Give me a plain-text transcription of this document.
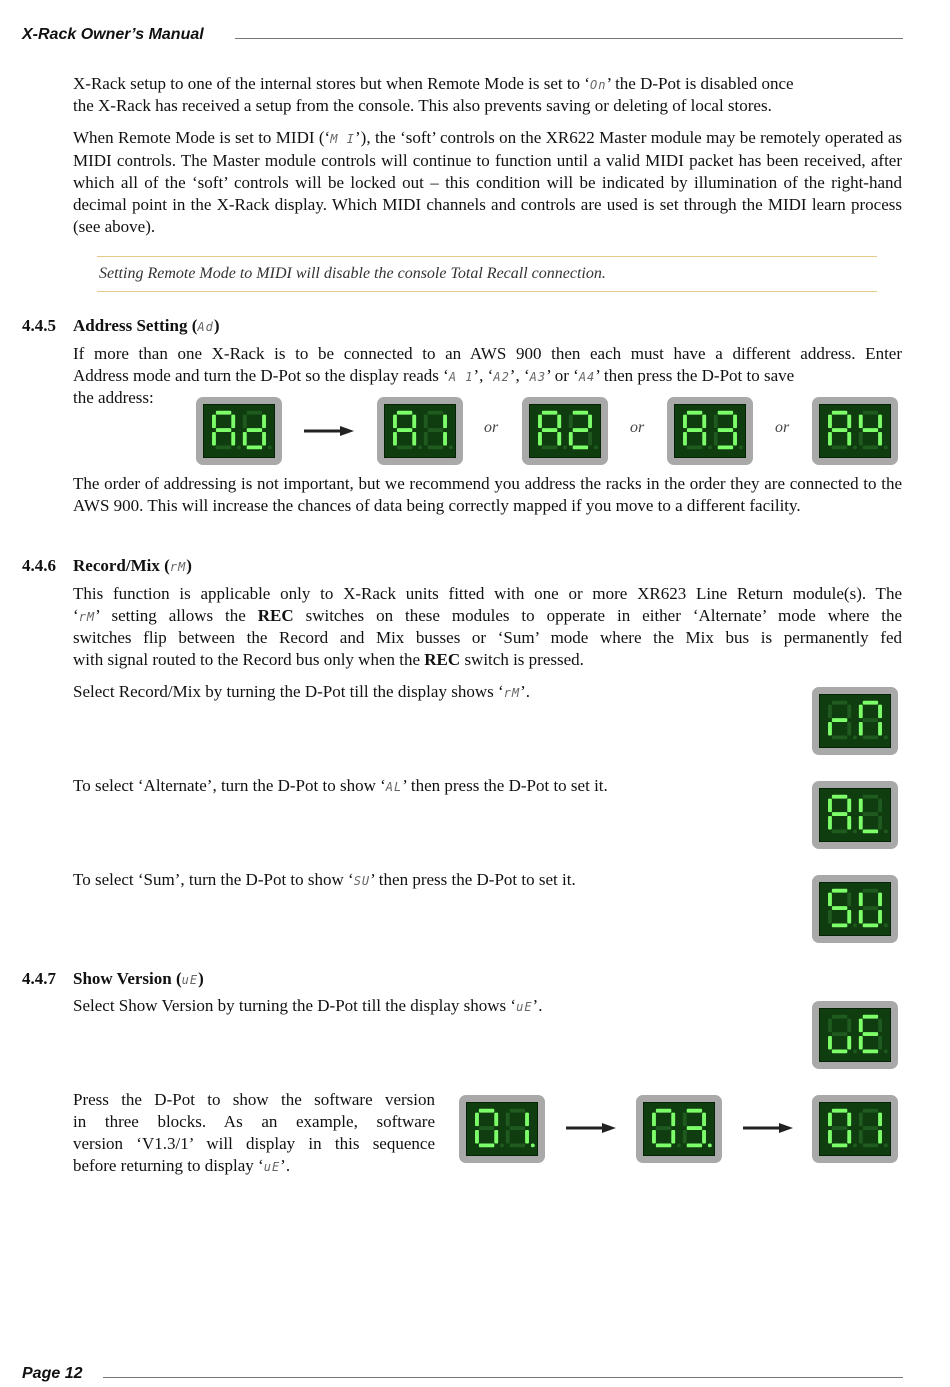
X-Rack Owner’s Manual
X-Rack setup to one of the internal stores but when Remote Mode is set to ‘On’ the D-Pot is disabled once
the X-Rack has received a setup from the console. This also prevents saving or deleting of local stores.
When Remote Mode is set to MIDI (‘M I’), the ‘soft’ controls on the XR622 Master module may be remotely operated as MIDI controls. The Master module controls will continue to function until a valid MIDI packet has been received, after which all of the ‘soft’ controls will be locked out – this condition will be indicated by illumination of the right-hand decimal point in the X-Rack display. Which MIDI channels and controls are used is set through the MIDI learn process (see above).
Setting Remote Mode to MIDI will disable the console Total Recall connection.
4.4.5 Address Setting (Ad)
If more than one X-Rack is to be connected to an AWS 900 then each must have a different address. Enter
Address mode and turn the D-Pot so the display reads ‘A 1’, ‘A2’, ‘A3’ or ‘A4’ then press the D-Pot to save
the address:
or	or	or
The order of addressing is not important, but we recommend you address the racks in the order they are connected to the AWS 900. This will increase the chances of data being correctly mapped if you move to a different facility.
4.4.6 Record/Mix (rM)
This function is applicable only to X-Rack units fitted with one or more XR623 Line Return module(s). The
‘rM’ setting allows the REC switches on these modules to opperate in either ‘Alternate’ mode where the
switches flip between the Record and Mix busses or ‘Sum’ mode where the Mix bus is permanently fed
with signal routed to the Record bus only when the REC switch is pressed.
Select Record/Mix by turning the D-Pot till the display shows ‘rM’.
To select ‘Alternate’, turn the D-Pot to show ‘AL’ then press the D-Pot to set it.
To select ‘Sum’, turn the D-Pot to show ‘SU’ then press the D-Pot to set it.
4.4.7 Show Version (uE)
Select Show Version by turning the D-Pot till the display shows ‘uE’.
Press the D-Pot to show the software version
in three blocks. As an example, software
version ‘V1.3/1’ will display in this sequence
before returning to display ‘uE’.
Page 12
